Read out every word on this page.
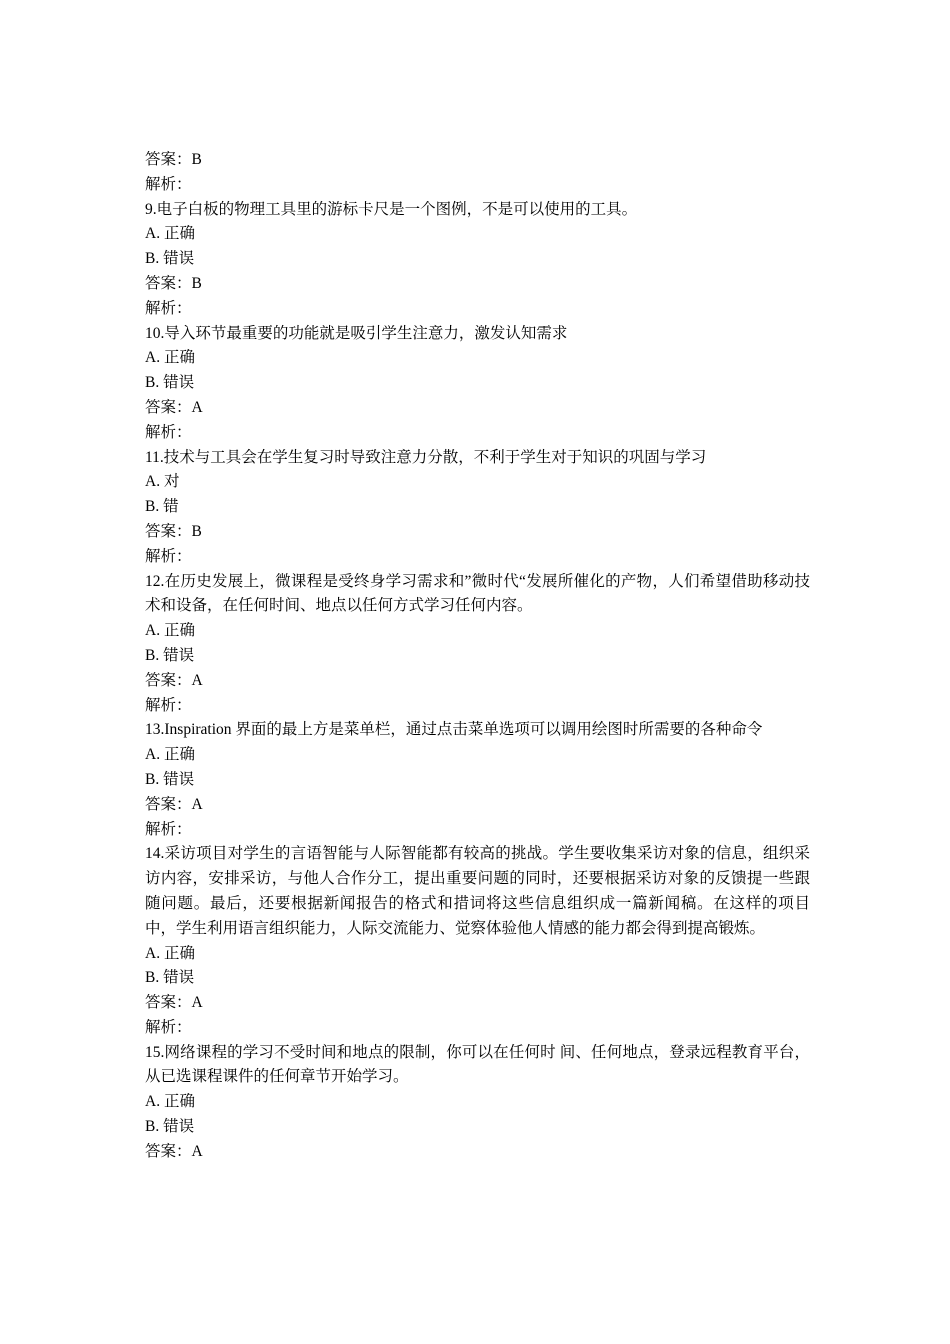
答案：B
解析：
9.电子白板的物理工具里的游标卡尺是一个图例，不是可以使用的工具。
A. 正确
B. 错误
答案：B
解析：
10.导入环节最重要的功能就是吸引学生注意力，激发认知需求
A. 正确
B. 错误
答案：A
解析：
11.技术与工具会在学生复习时导致注意力分散，不利于学生对于知识的巩固与学习
A. 对
B. 错
答案：B
解析：
12.在历史发展上，微课程是受终身学习需求和”微时代“发展所催化的产物，人们希望借助移动技术和设备，在任何时间、地点以任何方式学习任何内容。
A. 正确
B. 错误
答案：A
解析：
13.Inspiration 界面的最上方是菜单栏，通过点击菜单选项可以调用绘图时所需要的各种命令
A. 正确
B. 错误
答案：A
解析：
14.采访项目对学生的言语智能与人际智能都有较高的挑战。学生要收集采访对象的信息，组织采访内容，安排采访，与他人合作分工，提出重要问题的同时，还要根据采访对象的反馈提一些跟随问题。最后，还要根据新闻报告的格式和措词将这些信息组织成一篇新闻稿。在这样的项目中，学生利用语言组织能力，人际交流能力、觉察体验他人情感的能力都会得到提高锻炼。
A. 正确
B. 错误
答案：A
解析：
15.网络课程的学习不受时间和地点的限制，你可以在任何时 间、任何地点，登录远程教育平台，从已选课程课件的任何章节开始学习。
A. 正确
B. 错误
答案：A
